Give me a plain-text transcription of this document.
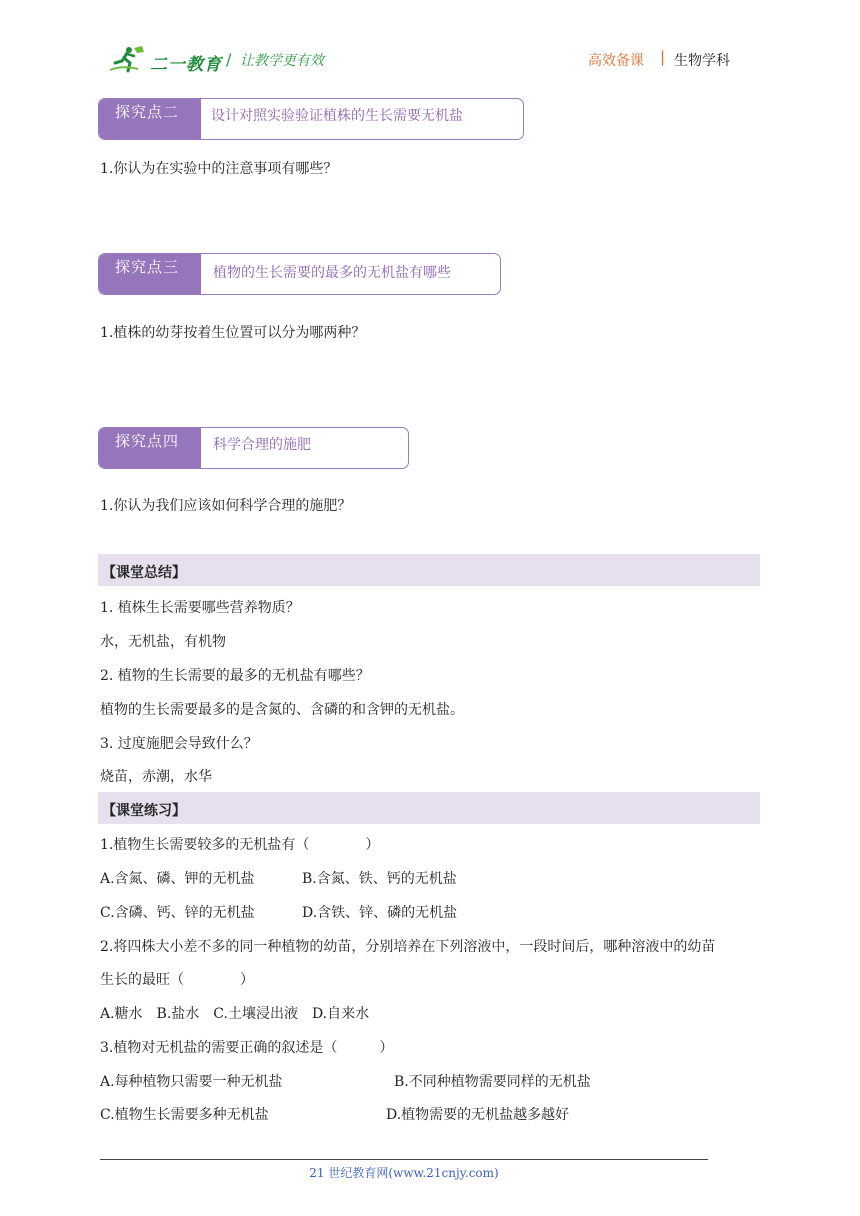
二一教育 / 让教学更有效	高效备课 | 生物学科
探究点二 设计对照实验验证植株的生长需要无机盐
1.你认为在实验中的注意事项有哪些？
探究点三 植物的生长需要的最多的无机盐有哪些
1.植株的幼芽按着生位置可以分为哪两种？
探究点四 科学合理的施肥
1.你认为我们应该如何科学合理的施肥？
【课堂总结】
1. 植株生长需要哪些营养物质？
水，无机盐，有机物
2. 植物的生长需要的最多的无机盐有哪些？
植物的生长需要最多的是含氮的、含磷的和含钾的无机盐。
3. 过度施肥会导致什么？
烧苗，赤潮，水华
【课堂练习】
1.植物生长需要较多的无机盐有（　　　　）
A.含氮、磷、钾的无机盐	B.含氮、铁、钙的无机盐
C.含磷、钙、锌的无机盐	D.含铁、锌、磷的无机盐
2.将四株大小差不多的同一种植物的幼苗，分别培养在下列溶液中，一段时间后，哪种溶液中的幼苗
生长的最旺（　　　　）
A.糖水　B.盐水　C.土壤浸出液　D.自来水
3.植物对无机盐的需要正确的叙述是（　　　）
A.每种植物只需要一种无机盐	B.不同种植物需要同样的无机盐
C.植物生长需要多种无机盐	D.植物需要的无机盐越多越好
21 世纪教育网(www.21cnjy.com)
